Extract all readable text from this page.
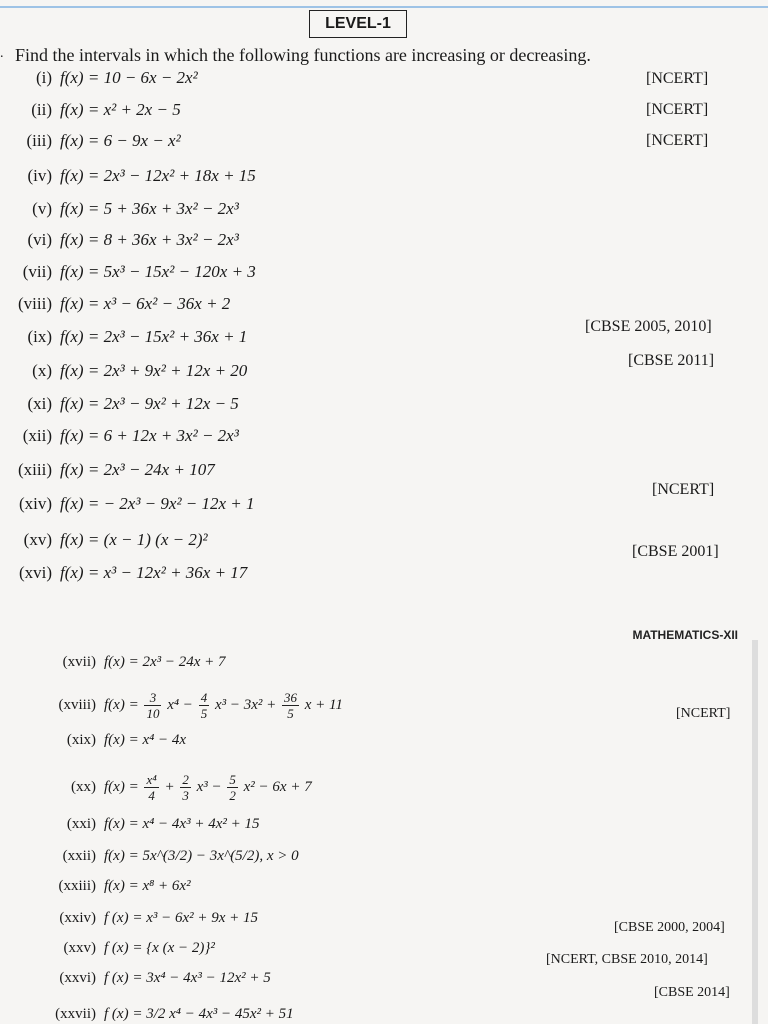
LEVEL-1
. Find the intervals in which the following functions are increasing or decreasing.
(i) f(x) = 10 − 6x − 2x²	[NCERT]
(ii) f(x) = x² + 2x − 5	[NCERT]
(iii) f(x) = 6 − 9x − x²	[NCERT]
(iv) f(x) = 2x³ − 12x² + 18x + 15
(v) f(x) = 5 + 36x + 3x² − 2x³
(vi) f(x) = 8 + 36x + 3x² − 2x³
(vii) f(x) = 5x³ − 15x² − 120x + 3
(viii) f(x) = x³ − 6x² − 36x + 2
(ix) f(x) = 2x³ − 15x² + 36x + 1
[CBSE 2005, 2010]
(x) f(x) = 2x³ + 9x² + 12x + 20
[CBSE 2011]
(xi) f(x) = 2x³ − 9x² + 12x − 5
(xii) f(x) = 6 + 12x + 3x² − 2x³
(xiii) f(x) = 2x³ − 24x + 107
(xiv) f(x) = − 2x³ − 9x² − 12x + 1
[NCERT]
(xv) f(x) = (x − 1) (x − 2)²
(xvi) f(x) = x³ − 12x² + 36x + 17
[CBSE 2001]
MATHEMATICS-XII
(xvii) f(x) = 2x³ − 24x + 7
(xviii) $f(x) = \frac{3}{10} x^4 - \frac{4}{5} x^3 - 3x^2 + \frac{36}{5}$ x + 11
[NCERT]
(xix) f(x) = x⁴ − 4x
(xx) $f(x) = \frac{\text{x⁴}}{4} + \frac{2}{3} x^3 - \frac{5}{2} x^2 - 6x + 7$
(xxi) f(x) = x⁴ − 4x³ + 4x² + 15
(xxii) f(x) = 5x^(3/2) − 3x^(5/2), x > 0
(xxiii) f(x) = x⁸ + 6x²
(xxiv) f (x) = x³ − 6x² + 9x + 15
[CBSE 2000, 2004]
(xxv) f (x) = {x (x − 2)}²
[NCERT, CBSE 2010, 2014]
(xxvi) f (x) = 3x⁴ − 4x³ − 12x² + 5
[CBSE 2014]
(xxvii) f (x) = 3/2 x⁴ − 4x³ − 45x² + 51
